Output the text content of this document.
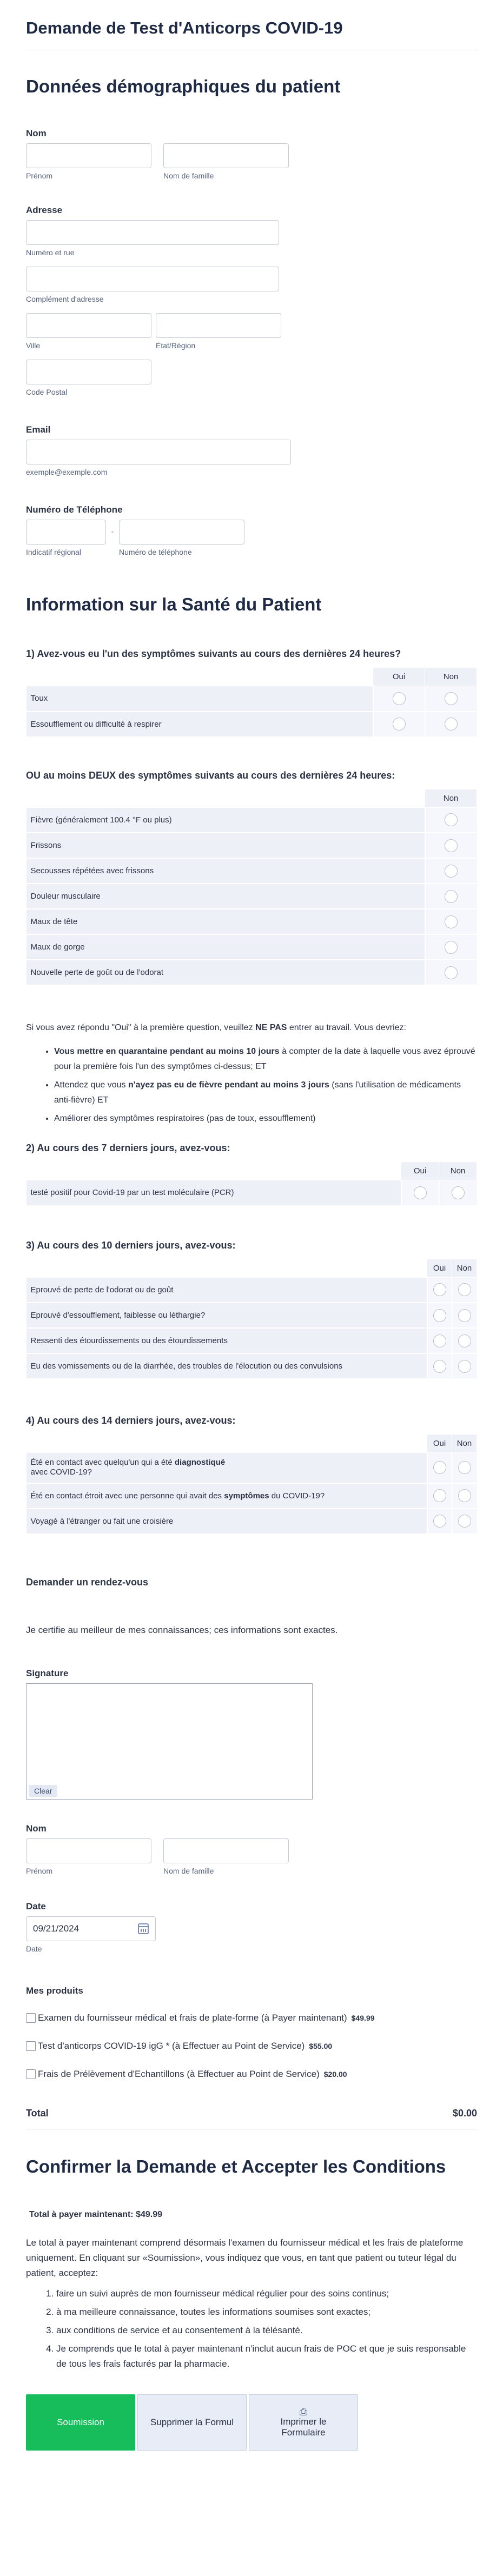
Demande de Test d'Anticorps COVID-19
Données démographiques du patient
Nom
Prénom	Nom de famille
Adresse
Numéro et rue
Complément d'adresse
Ville	État/Région
Code Postal
Email
exemple@exemple.com
Numéro de Téléphone
Indicatif régional
-
Numéro de téléphone
Information sur la Santé du Patient
1) Avez-vous eu l'un des symptômes suivants au cours des dernières 24 heures?
	Oui	Non
Toux		
Essoufflement ou difficulté à respirer		
OU au moins DEUX des symptômes suivants au cours des dernières 24 heures:
	Non
Fièvre (généralement 100.4 °F ou plus)	
Frissons	
Secousses répétées avec frissons	
Douleur musculaire	
Maux de tête	
Maux de gorge	
Nouvelle perte de goût ou de l'odorat	

Si vous avez répondu "Oui" à la première question, veuillez NE PAS entrer au travail. Vous devriez:

• Vous mettre en quarantaine pendant au moins 10 jours à compter de la date à laquelle vous avez éprouvé pour la première fois l'un des symptômes ci-dessus; ET
• Attendez que vous n'ayez pas eu de fièvre pendant au moins 3 jours (sans l'utilisation de médicaments anti-fièvre) ET
• Améliorer des symptômes respiratoires (pas de toux, essoufflement)
2) Au cours des 7 derniers jours, avez-vous:
	Oui	Non
testé positif pour Covid-19 par un test moléculaire (PCR)		
3) Au cours des 10 derniers jours, avez-vous:
	Oui	Non
Eprouvé de perte de l'odorat ou de goût		
Eprouvé d'essoufflement, faiblesse ou léthargie?		
Ressenti des étourdissements ou des étourdissements		
Eu des vomissements ou de la diarrhée, des troubles de l'élocution ou des convulsions		
4) Au cours des 14 derniers jours, avez-vous:
	Oui	Non
Été en contact avec quelqu'un qui a été diagnostiqué
avec COVID-19?		
Été en contact étroit avec une personne qui avait des symptômes du COVID-19?		
Voyagé à l'étranger ou fait une croisière		
Demander un rendez-vous

Je certifie au meilleur de mes connaissances; ces informations sont exactes.

Signature
Clear
Nom
Prénom	Nom de famille
Date
09/21/2024
Date
Mes produits
Examen du fournisseur médical et frais de plate-forme (à Payer maintenant) $49.99
Test d'anticorps COVID-19 igG * (à Effectuer au Point de Service) $55.00
Frais de Prélèvement d'Echantillons (à Effectuer au Point de Service) $20.00
Total	$0.00
Confirmer la Demande et Accepter les Conditions

Total à payer maintenant: $49.99

Le total à payer maintenant comprend désormais l'examen du fournisseur médical et les frais de plateforme uniquement. En cliquant sur «Soumission», vous indiquez que vous, en tant que patient ou tuteur légal du patient, acceptez:

1. faire un suivi auprès de mon fournisseur médical régulier pour des soins continus;
2. à ma meilleure connaissance, toutes les informations soumises sont exactes;
3. aux conditions de service et au consentement à la télésanté.
4. Je comprends que le total à payer maintenant n'inclut aucun frais de POC et que je suis responsable de tous les frais facturés par la pharmacie.
Soumission	Supprimer la Formul
⎙
Imprimer le Formulaire
